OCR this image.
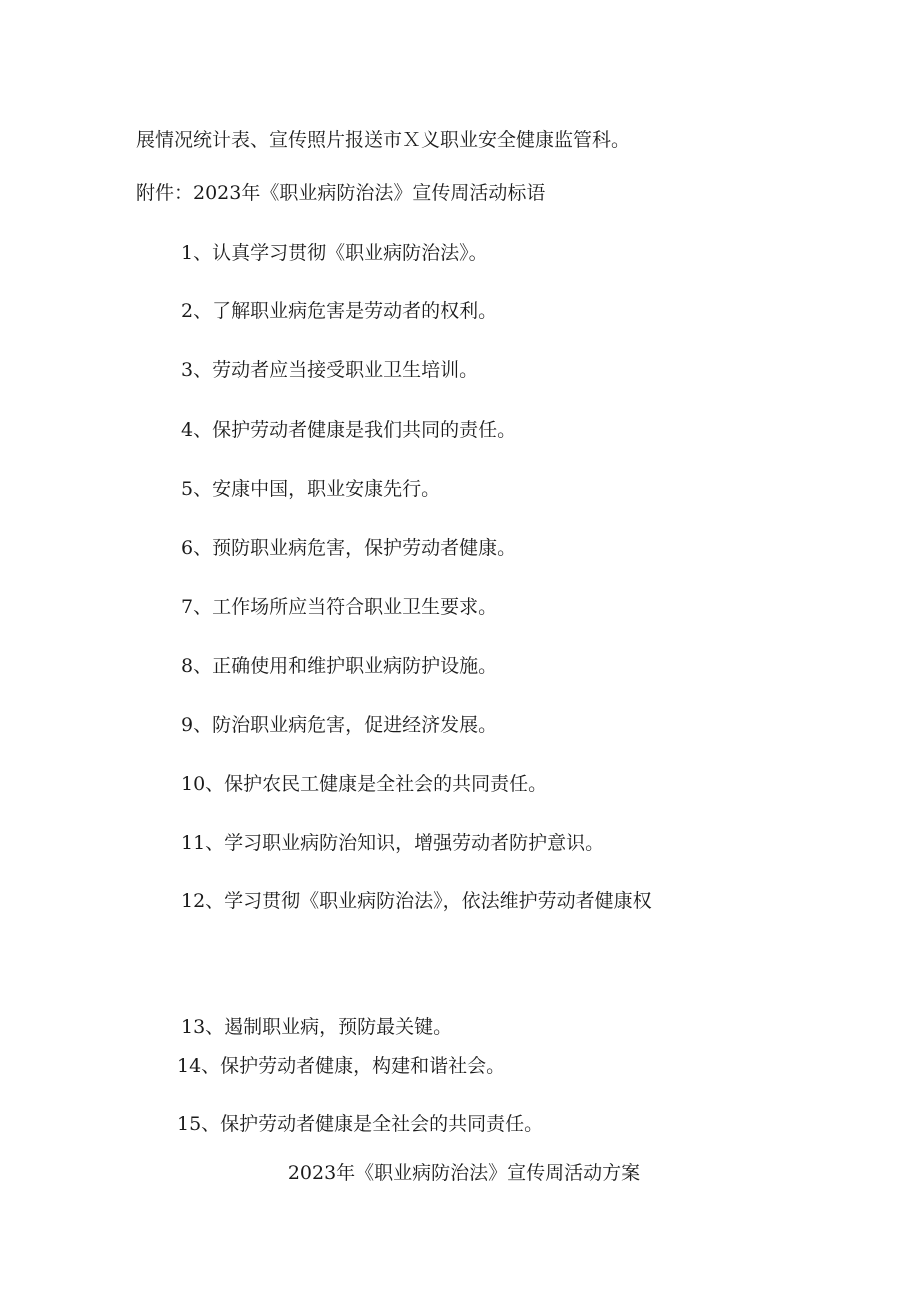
展情况统计表、宣传照片报送市Ｘ义职业安全健康监管科。
附件：2023年《职业病防治法》宣传周活动标语
1、认真学习贯彻《职业病防治法》。
2、了解职业病危害是劳动者的权利。
3、劳动者应当接受职业卫生培训。
4、保护劳动者健康是我们共同的责任。
5、安康中国，职业安康先行。
6、预防职业病危害，保护劳动者健康。
7、工作场所应当符合职业卫生要求。
8、正确使用和维护职业病防护设施。
9、防治职业病危害，促进经济发展。
10、保护农民工健康是全社会的共同责任。
11、学习职业病防治知识，增强劳动者防护意识。
12、学习贯彻《职业病防治法》，依法维护劳动者健康权
13、遏制职业病，预防最关键。
14、保护劳动者健康，构建和谐社会。
15、保护劳动者健康是全社会的共同责任。
2023年《职业病防治法》宣传周活动方案
